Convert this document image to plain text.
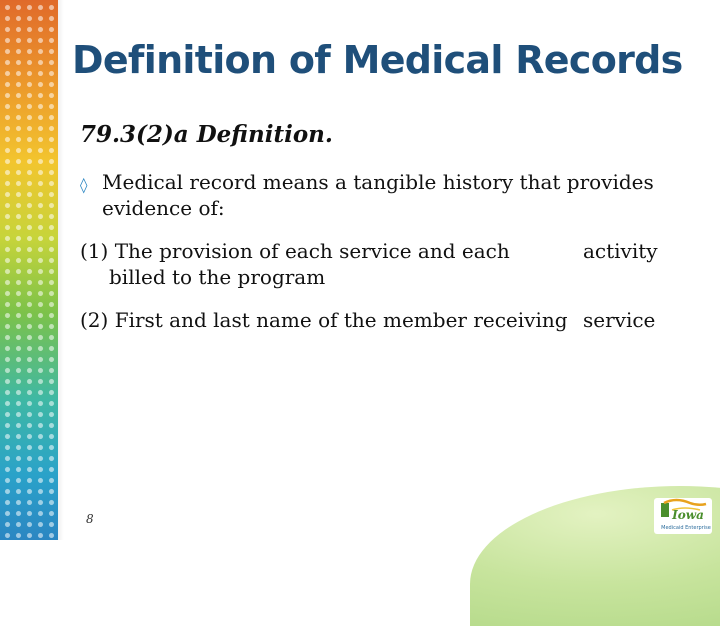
Definition of Medical Records
79.3(2)a Definition.
◊ Medical record means a tangible history that provides
evidence of:
(1) The provision of each service and each	activity
billed to the program
(2) First and last name of the member receiving service
8	Iowa
Medicaid Enterprise
